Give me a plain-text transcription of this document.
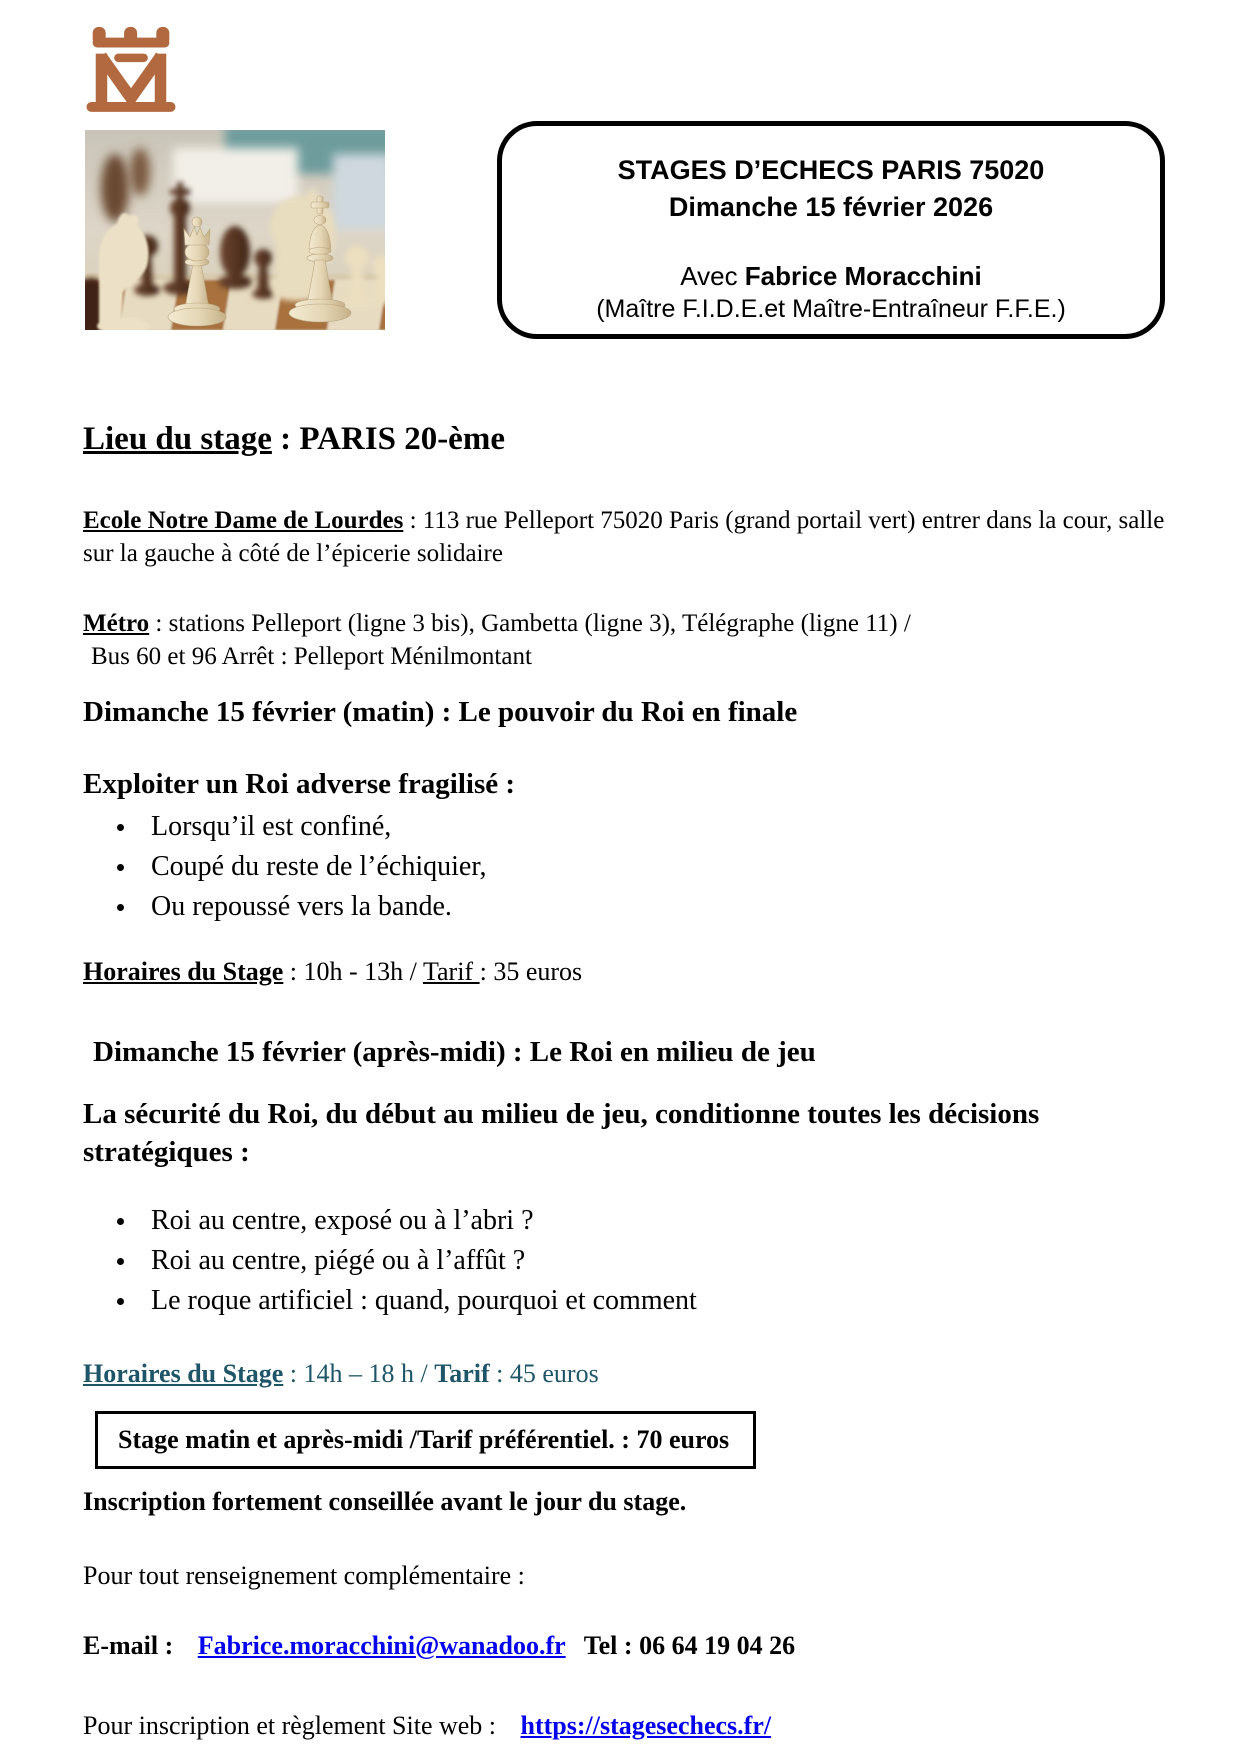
STAGES D’ECHECS PARIS 75020
Dimanche 15 février 2026
Avec Fabrice Moracchini
(Maître F.I.D.E.et Maître-Entraîneur F.F.E.)
Lieu du stage : PARIS 20-ème
Ecole Notre Dame de Lourdes : 113 rue Pelleport 75020 Paris (grand portail vert) entrer dans la cour, salle sur la gauche à côté de l’épicerie solidaire
Métro : stations Pelleport (ligne 3 bis), Gambetta (ligne 3), Télégraphe (ligne 11) /
Bus 60 et 96 Arrêt : Pelleport Ménilmontant
Dimanche 15 février (matin) : Le pouvoir du Roi en finale
Exploiter un Roi adverse fragilisé :
Lorsqu’il est confiné,
Coupé du reste de l’échiquier,
Ou repoussé vers la bande.
Horaires du Stage : 10h - 13h / Tarif : 35 euros
Dimanche 15 février (après-midi) : Le Roi en milieu de jeu
La sécurité du Roi, du début au milieu de jeu, conditionne toutes les décisions stratégiques :
Roi au centre, exposé ou à l’abri ?
Roi au centre, piégé ou à l’affût ?
Le roque artificiel : quand, pourquoi et comment
Horaires du Stage : 14h – 18 h / Tarif : 45 euros
Stage matin et après-midi /Tarif préférentiel. : 70 euros
Inscription fortement conseillée avant le jour du stage.
Pour tout renseignement complémentaire :
E-mail : Fabrice.moracchini@wanadoo.fr Tel : 06 64 19 04 26
Pour inscription et règlement Site web : https://stagesechecs.fr/
